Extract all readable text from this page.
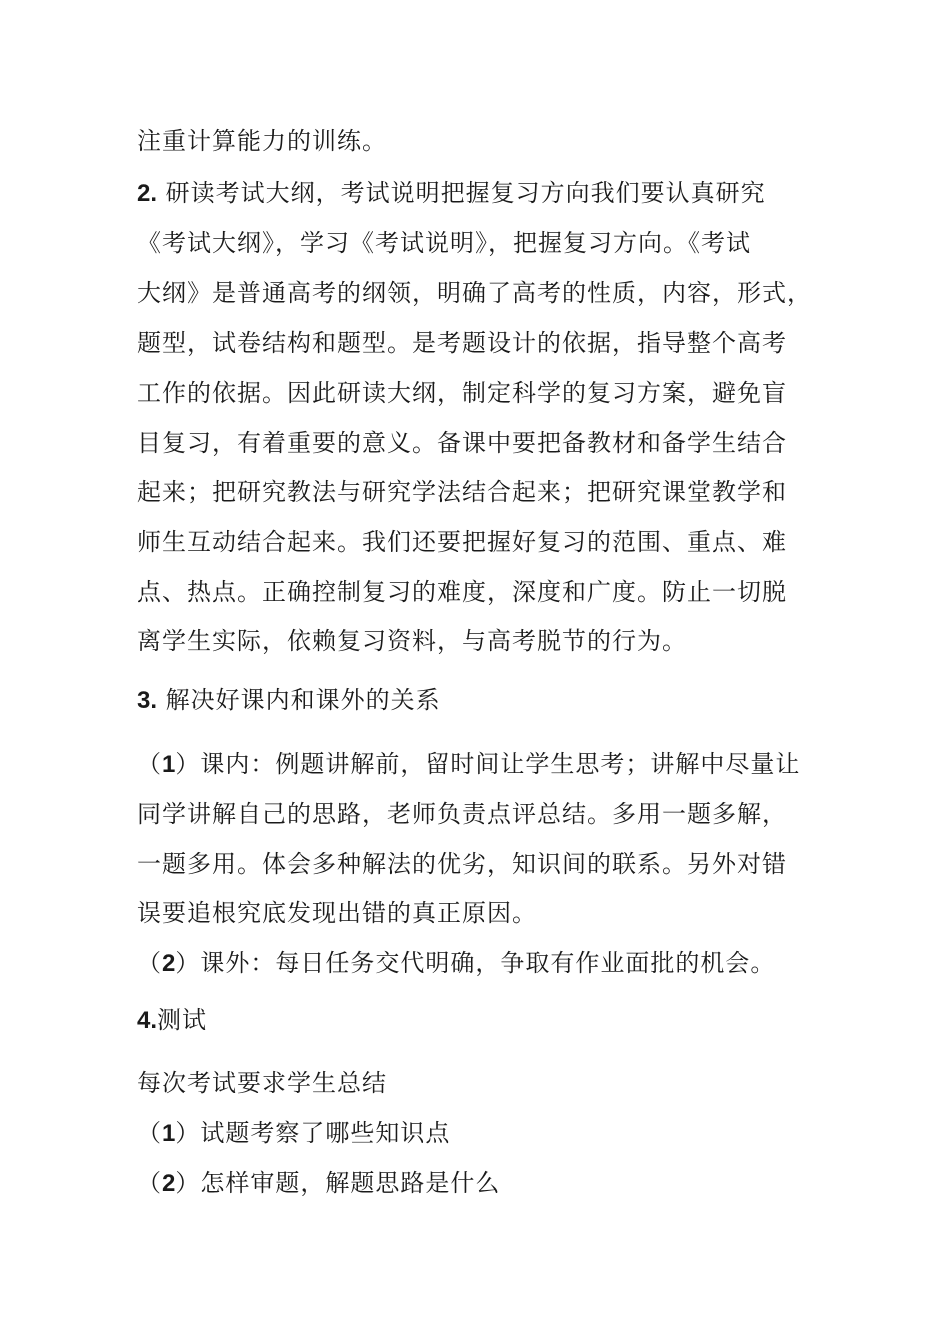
注重计算能力的训练。
2. 研读考试大纲，考试说明把握复习方向我们要认真研究
《考试大纲》，学习《考试说明》，把握复习方向。《考试
大纲》是普通高考的纲领，明确了高考的性质，内容，形式，
题型，试卷结构和题型。是考题设计的依据，指导整个高考
工作的依据。因此研读大纲，制定科学的复习方案，避免盲
目复习，有着重要的意义。备课中要把备教材和备学生结合
起来；把研究教法与研究学法结合起来；把研究课堂教学和
师生互动结合起来。我们还要把握好复习的范围、重点、难
点、热点。正确控制复习的难度，深度和广度。防止一切脱
离学生实际，依赖复习资料，与高考脱节的行为。
3. 解决好课内和课外的关系
（1）课内：例题讲解前，留时间让学生思考；讲解中尽量让
同学讲解自己的思路，老师负责点评总结。多用一题多解，
一题多用。体会多种解法的优劣，知识间的联系。另外对错
误要追根究底发现出错的真正原因。
（2）课外：每日任务交代明确，争取有作业面批的机会。
4.测试
每次考试要求学生总结
（1）试题考察了哪些知识点
（2）怎样审题，解题思路是什么
